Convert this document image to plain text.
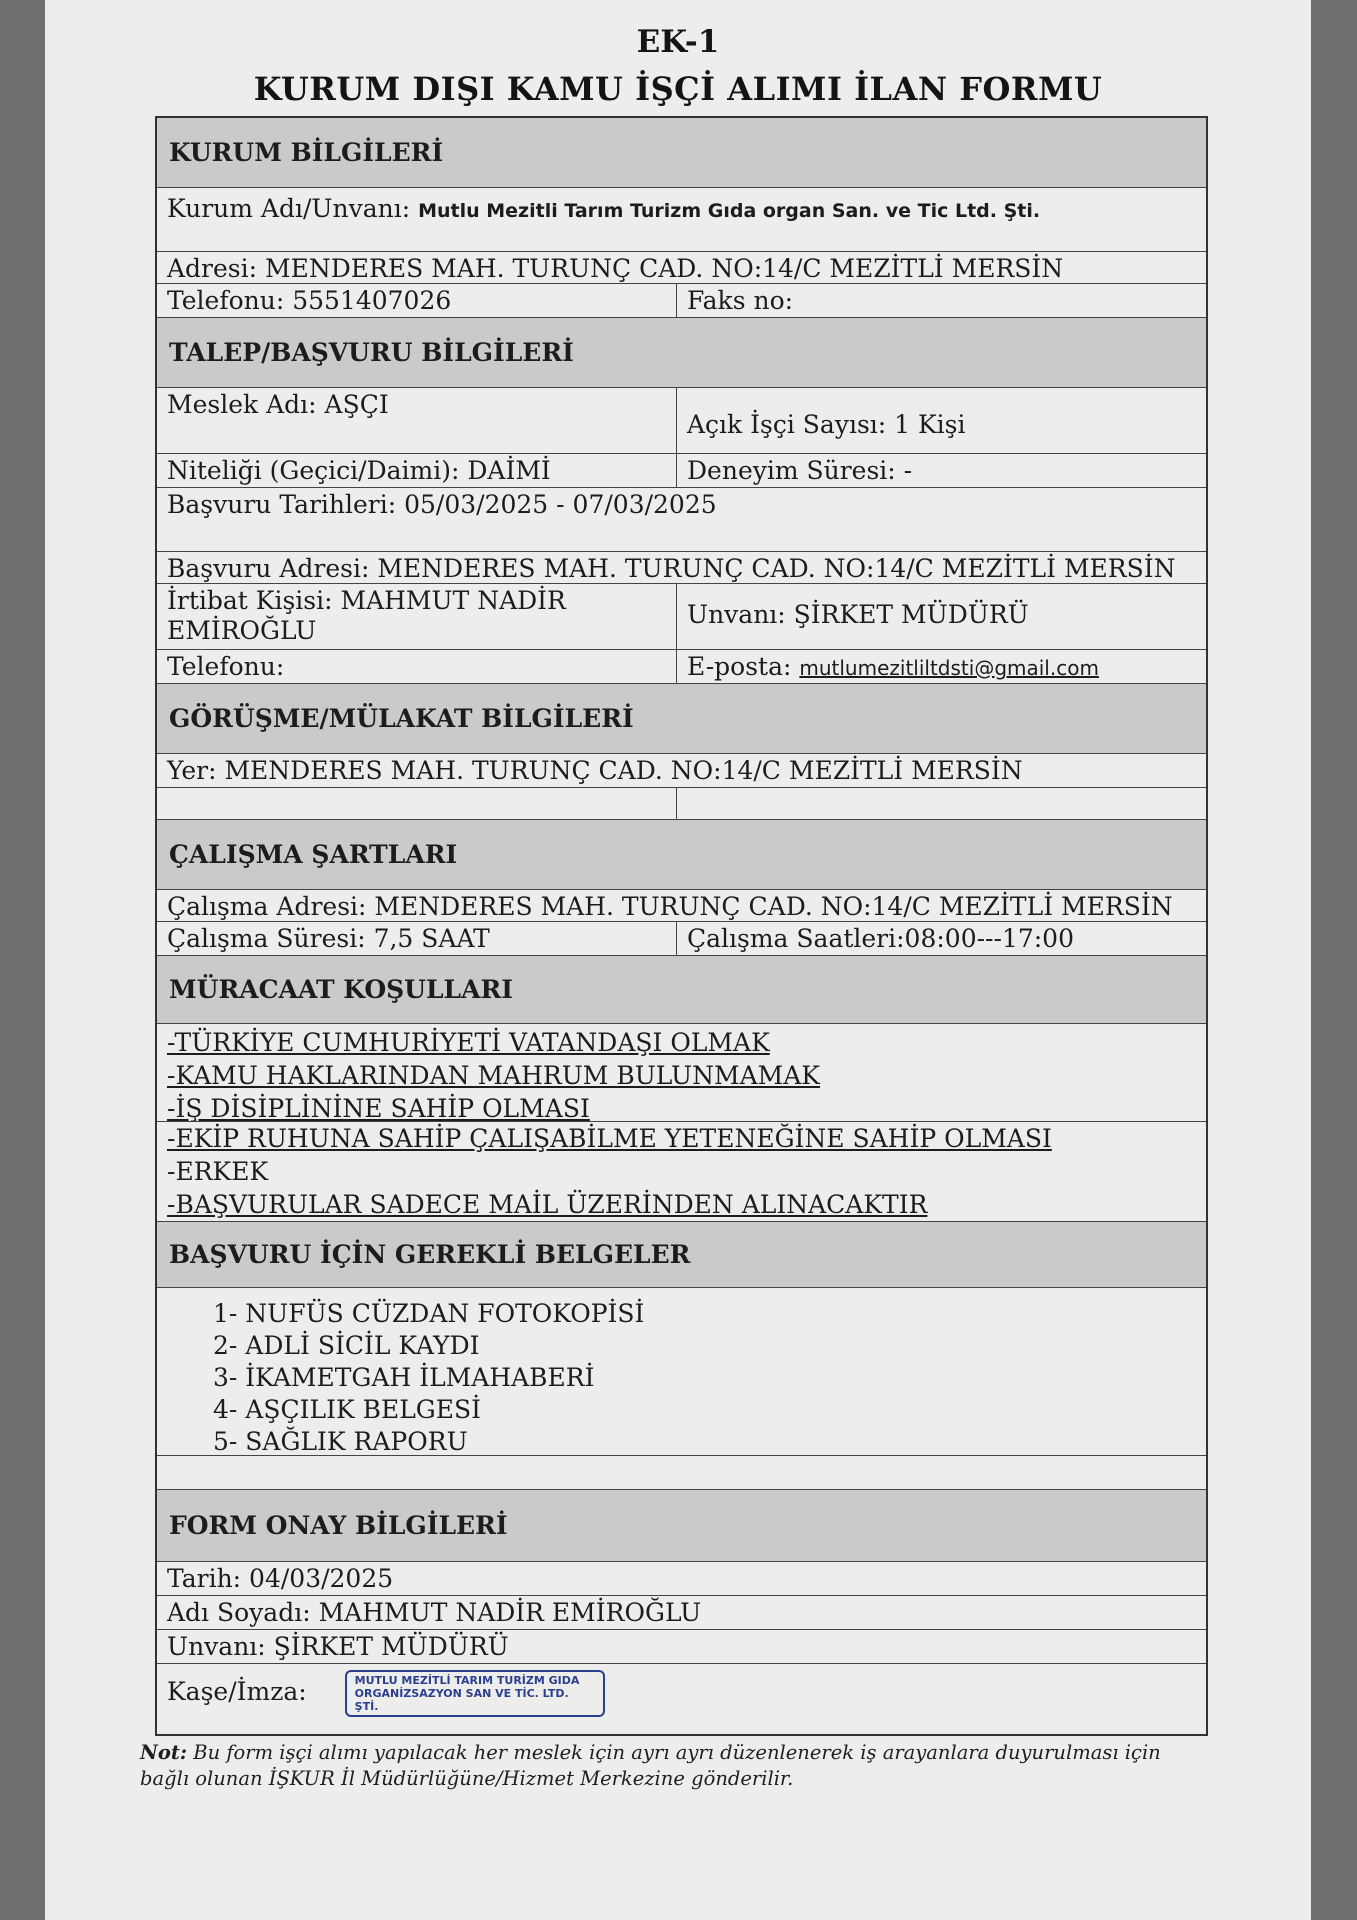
EK-1
KURUM DIŞI KAMU İŞÇİ ALIMI İLAN FORMU
KURUM BİLGİLERİ
Kurum Adı/Unvanı: Mutlu Mezitli Tarım Turizm Gıda organ San. ve Tic Ltd. Şti.
Adresi: MENDERES MAH. TURUNÇ CAD. NO:14/C MEZİTLİ MERSİN
Telefonu: 5551407026	Faks no:
TALEP/BAŞVURU BİLGİLERİ
Meslek Adı: AŞÇI
Açık İşçi Sayısı: 1 Kişi
Niteliği (Geçici/Daimi): DAİMİ	Deneyim Süresi: -
Başvuru Tarihleri: 05/03/2025 - 07/03/2025
Başvuru Adresi: MENDERES MAH. TURUNÇ CAD. NO:14/C MEZİTLİ MERSİN
İrtibat Kişisi: MAHMUT NADİR
EMİROĞLU
Unvanı: ŞİRKET MÜDÜRÜ
Telefonu:	E-posta: mutlumezitliltdsti@gmail.com
GÖRÜŞME/MÜLAKAT BİLGİLERİ
Yer: MENDERES MAH. TURUNÇ CAD. NO:14/C MEZİTLİ MERSİN
ÇALIŞMA ŞARTLARI
Çalışma Adresi: MENDERES MAH. TURUNÇ CAD. NO:14/C MEZİTLİ MERSİN
Çalışma Süresi: 7,5 SAAT	Çalışma Saatleri:08:00---17:00
MÜRACAAT KOŞULLARI
-TÜRKİYE CUMHURİYETİ VATANDAŞI OLMAK
-KAMU HAKLARINDAN MAHRUM BULUNMAMAK
-İŞ DİSİPLİNİNE SAHİP OLMASI
-EKİP RUHUNA SAHİP ÇALIŞABİLME YETENEĞİNE SAHİP OLMASI
-ERKEK
-BAŞVURULAR SADECE MAİL ÜZERİNDEN ALINACAKTIR
BAŞVURU İÇİN GEREKLİ BELGELER
1- NUFÜS CÜZDAN FOTOKOPİSİ
2- ADLİ SİCİL KAYDI
3- İKAMETGAH İLMAHABERİ
4- AŞÇILIK BELGESİ
5- SAĞLIK RAPORU
FORM ONAY BİLGİLERİ
Tarih: 04/03/2025
Adı Soyadı: MAHMUT NADİR EMİROĞLU
Unvanı: ŞİRKET MÜDÜRÜ
Kaşe/İmza:	MUTLU MEZİTLİ TARIM TURİZM GIDA
ORGANİZSAZYON SAN VE TİC. LTD. ŞTİ.
Not: Bu form işçi alımı yapılacak her meslek için ayrı ayrı düzenlenerek iş arayanlara duyurulması için bağlı olunan İŞKUR İl Müdürlüğüne/Hizmet Merkezine gönderilir.
